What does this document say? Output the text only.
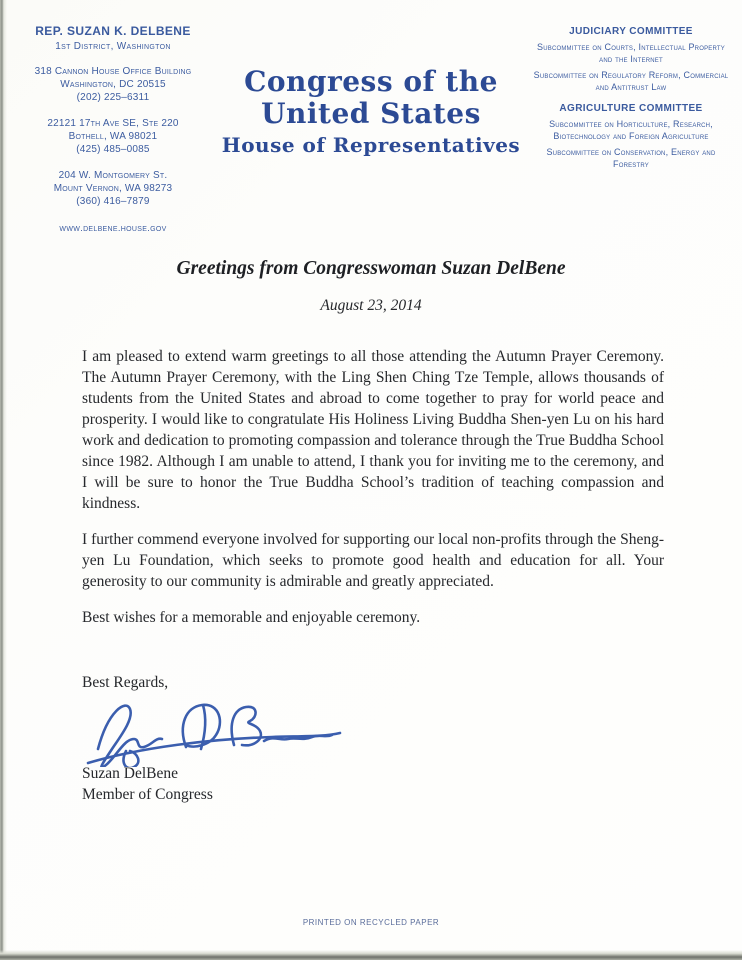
REP. SUZAN K. DELBENE
1st District, Washington
318 Cannon House Office Building
Washington, DC 20515
(202) 225–6311
22121 17th Ave SE, Ste 220
Bothell, WA 98021
(425) 485–0085
204 W. Montgomery St.
Mount Vernon, WA 98273
(360) 416–7879
www.delbene.house.gov
Congress of the United States
House of Representatives
JUDICIARY COMMITTEE
Subcommittee on Courts, Intellectual Property and the Internet
Subcommittee on Regulatory Reform, Commercial and Antitrust Law
AGRICULTURE COMMITTEE
Subcommittee on Horticulture, Research, Biotechnology and Foreign Agriculture
Subcommittee on Conservation, Energy and Forestry
Greetings from Congresswoman Suzan DelBene
August 23, 2014

I am pleased to extend warm greetings to all those attending the Autumn Prayer Ceremony. The Autumn Prayer Ceremony, with the Ling Shen Ching Tze Temple, allows thousands of students from the United States and abroad to come together to pray for world peace and prosperity. I would like to congratulate His Holiness Living Buddha Shen-yen Lu on his hard work and dedication to promoting compassion and tolerance through the True Buddha School since 1982. Although I am unable to attend, I thank you for inviting me to the ceremony, and I will be sure to honor the True Buddha School’s tradition of teaching compassion and kindness.

I further commend everyone involved for supporting our local non-profits through the Sheng-yen Lu Foundation, which seeks to promote good health and education for all. Your generosity to our community is admirable and greatly appreciated.

Best wishes for a memorable and enjoyable ceremony.

Best Regards,
Suzan DelBene
Member of Congress
PRINTED ON RECYCLED PAPER
